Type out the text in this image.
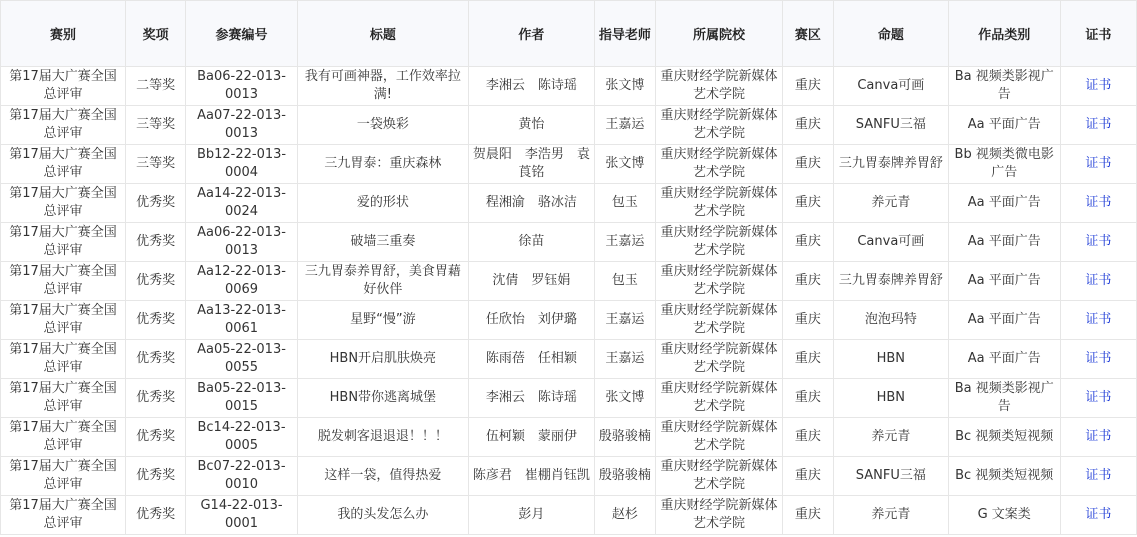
赛别	奖项	参赛编号	标题	作者	指导老师	所属院校	赛区	命题	作品类别	证书
第17届大广赛全国总评审	二等奖	Ba06-22-013-0013	我有可画神器，工作效率拉满!	李湘云　陈诗瑶	张文博	重庆财经学院新媒体艺术学院	重庆	Canva可画	Ba 视频类影视广告	证书
第17届大广赛全国总评审	三等奖	Aa07-22-013-0013	一袋焕彩	黄怡	王嘉运	重庆财经学院新媒体艺术学院	重庆	SANFU三福	Aa 平面广告	证书
第17届大广赛全国总评审	三等奖	Bb12-22-013-0004	三九胃泰：重庆森林	贺晨阳　李浩男　袁莨铭	张文博	重庆财经学院新媒体艺术学院	重庆	三九胃泰牌养胃舒	Bb 视频类微电影广告	证书
第17届大广赛全国总评审	优秀奖	Aa14-22-013-0024	爱的形状	程湘渝　骆冰洁	包玉	重庆财经学院新媒体艺术学院	重庆	养元青	Aa 平面广告	证书
第17届大广赛全国总评审	优秀奖	Aa06-22-013-0013	破墙三重奏	徐苗	王嘉运	重庆财经学院新媒体艺术学院	重庆	Canva可画	Aa 平面广告	证书
第17届大广赛全国总评审	优秀奖	Aa12-22-013-0069	三九胃泰养胃舒，美食胃藉好伙伴	沈倩　罗钰娟	包玉	重庆财经学院新媒体艺术学院	重庆	三九胃泰牌养胃舒	Aa 平面广告	证书
第17届大广赛全国总评审	优秀奖	Aa13-22-013-0061	星野“慢”游	任欣怡　刘伊璐	王嘉运	重庆财经学院新媒体艺术学院	重庆	泡泡玛特	Aa 平面广告	证书
第17届大广赛全国总评审	优秀奖	Aa05-22-013-0055	HBN开启肌肤焕亮	陈雨蓓　任相颖	王嘉运	重庆财经学院新媒体艺术学院	重庆	HBN	Aa 平面广告	证书
第17届大广赛全国总评审	优秀奖	Ba05-22-013-0015	HBN带你逃离城堡	李湘云　陈诗瑶	张文博	重庆财经学院新媒体艺术学院	重庆	HBN	Ba 视频类影视广告	证书
第17届大广赛全国总评审	优秀奖	Bc14-22-013-0005	脱发刺客退退退！！！	伍柯颖　蒙丽伊	殷骆骏楠	重庆财经学院新媒体艺术学院	重庆	养元青	Bc 视频类短视频	证书
第17届大广赛全国总评审	优秀奖	Bc07-22-013-0010	这样一袋，值得热爱	陈彦君　崔棚肖钰凯	殷骆骏楠	重庆财经学院新媒体艺术学院	重庆	SANFU三福	Bc 视频类短视频	证书
第17届大广赛全国总评审	优秀奖	G14-22-013-0001	我的头发怎么办	彭月	赵杉	重庆财经学院新媒体艺术学院	重庆	养元青	G 文案类	证书
